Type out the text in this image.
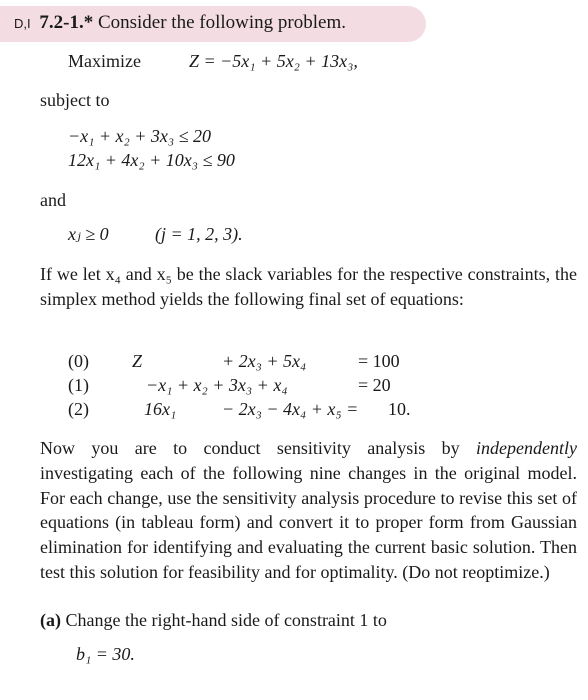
D,I 7.2-1.* Consider the following problem.
Maximize	Z = −5x₁ + 5x₂ + 13x₃,
subject to
−x₁ + x₂ + 3x₃ ≤ 20
12x₁ + 4x₂ + 10x₃ ≤ 90
and
xⱼ ≥ 0	(j = 1, 2, 3).
If we let x₄ and x₅ be the slack variables for the respective constraints, the simplex method yields the following final set of equations:
(0) Z	+ 2x₃ + 5x₄	= 100
(1)	−x₁ + x₂ + 3x₃ + x₄	= 20
(2)	16x₁	− 2x₃ − 4x₄ + x₅ = 10.
Now you are to conduct sensitivity analysis by independently investigating each of the following nine changes in the original model. For each change, use the sensitivity analysis procedure to revise this set of equations (in tableau form) and convert it to proper form from Gaussian elimination for identifying and evaluating the current basic solution. Then test this solution for feasibility and for optimality. (Do not reoptimize.)
(a) Change the right-hand side of constraint 1 to
b₁ = 30.
